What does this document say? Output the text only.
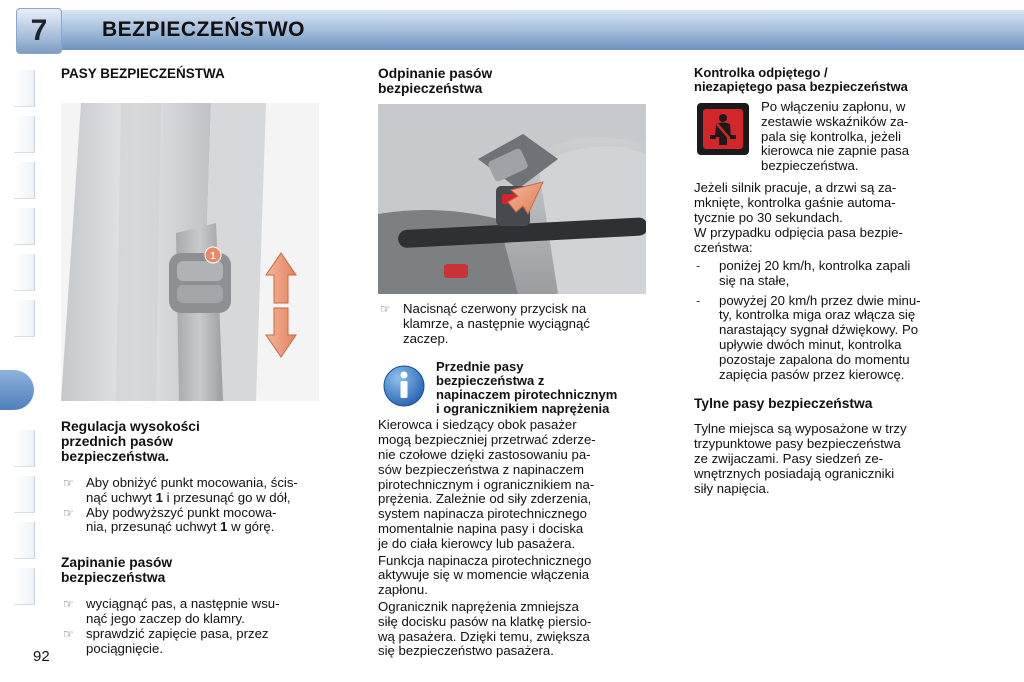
7	BEZPIECZEŃSTWO
PASY BEZPIECZEŃSTWA
1
Regulacja wysokości
przednich pasów
bezpieczeństwa.
☞ Aby obniżyć punkt mocowania, ścis-
nąć uchwyt 1 i przesunąć go w dół,
☞ Aby podwyższyć punkt mocowa-
nia, przesunąć uchwyt 1 w górę.
Zapinanie pasów
bezpieczeństwa
☞ wyciągnąć pas, a następnie wsu-
nąć jego zaczep do klamry.
☞ sprawdzić zapięcie pasa, przez
pociągnięcie.
Odpinanie pasów
bezpieczeństwa
☞ Nacisnąć czerwony przycisk na
klamrze, a następnie wyciągnąć
zaczep.
Przednie pasy
bezpieczeństwa z
napinaczem pirotechnicznym
i ogranicznikiem naprężenia

Kierowca i siedzący obok pasażer
mogą bezpieczniej przetrwać zderze-
nie czołowe dzięki zastosowaniu pa-
sów bezpieczeństwa z napinaczem
pirotechnicznym i ogranicznikiem na-
prężenia. Zależnie od siły zderzenia,
system napinacza pirotechnicznego
momentalnie napina pasy i dociska
je do ciała kierowcy lub pasażera.

Funkcja napinacza pirotechnicznego
aktywuje się w momencie włączenia
zapłonu.

Ogranicznik naprężenia zmniejsza
siłę docisku pasów na klatkę piersio-
wą pasażera. Dzięki temu, zwiększa
się bezpieczeństwo pasażera.

Kontrolka odpiętego /
niezapiętego pasa bezpieczeństwa

Po włączeniu zapłonu, w
zestawie wskaźników za-
pala się kontrolka, jeżeli
kierowca nie zapnie pasa
bezpieczeństwa.

Jeżeli silnik pracuje, a drzwi są za-
mknięte, kontrolka gaśnie automa-
tycznie po 30 sekundach.

W przypadku odpięcia pasa bezpie-
czeństwa:

- poniżej 20 km/h, kontrolka zapali
się na stałe,
- powyżej 20 km/h przez dwie minu-
ty, kontrolka miga oraz włącza się
narastający sygnał dźwiękowy. Po
upływie dwóch minut, kontrolka
pozostaje zapalona do momentu
zapięcia pasów przez kierowcę.
Tylne pasy bezpieczeństwa

Tylne miejsca są wyposażone w trzy
trzypunktowe pasy bezpieczeństwa
ze zwijaczami. Pasy siedzeń ze-
wnętrznych posiadają ograniczniki
siły napięcia.

92
